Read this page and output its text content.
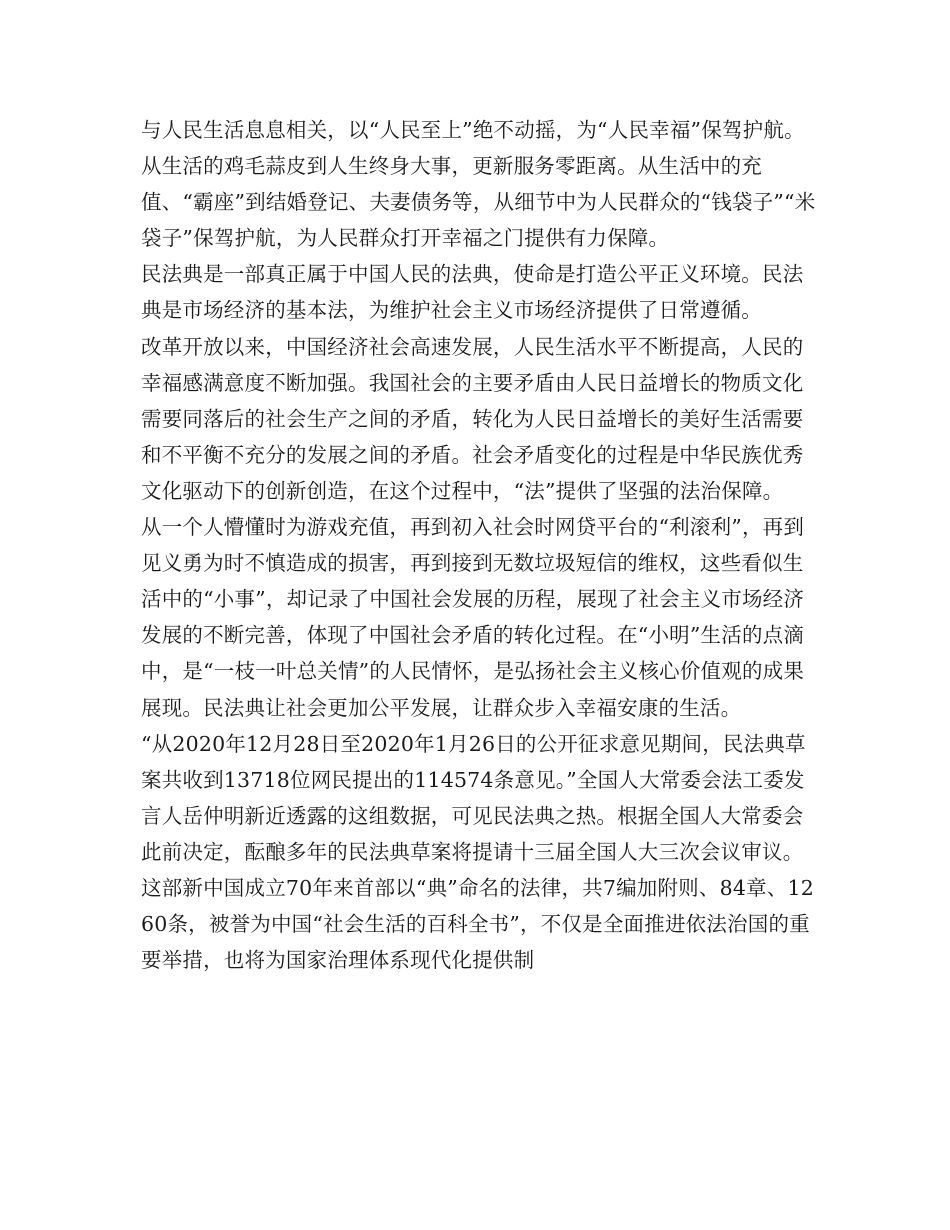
与人民生活息息相关，以“人民至上”绝不动摇，为“人民幸福”保驾护航。

从生活的鸡毛蒜皮到人生终身大事，更新服务零距离。从生活中的充值、“霸座”到结婚登记、夫妻债务等，从细节中为人民群众的“钱袋子”“米袋子”保驾护航，为人民群众打开幸福之门提供有力保障。

民法典是一部真正属于中国人民的法典，使命是打造公平正义环境。民法典是市场经济的基本法，为维护社会主义市场经济提供了日常遵循。

改革开放以来，中国经济社会高速发展，人民生活水平不断提高，人民的幸福感满意度不断加强。我国社会的主要矛盾由人民日益增长的物质文化需要同落后的社会生产之间的矛盾，转化为人民日益增长的美好生活需要和不平衡不充分的发展之间的矛盾。社会矛盾变化的过程是中华民族优秀文化驱动下的创新创造，在这个过程中，“法”提供了坚强的法治保障。

从一个人懵懂时为游戏充值，再到初入社会时网贷平台的“利滚利”，再到见义勇为时不慎造成的损害，再到接到无数垃圾短信的维权，这些看似生活中的“小事”，却记录了中国社会发展的历程，展现了社会主义市场经济发展的不断完善，体现了中国社会矛盾的转化过程。在“小明”生活的点滴中，是“一枝一叶总关情”的人民情怀，是弘扬社会主义核心价值观的成果展现。民法典让社会更加公平发展，让群众步入幸福安康的生活。

“从2020年12月28日至2020年1月26日的公开征求意见期间，民法典草案共收到13718位网民提出的114574条意见。”全国人大常委会法工委发言人岳仲明新近透露的这组数据，可见民法典之热。根据全国人大常委会此前决定，酝酿多年的民法典草案将提请十三届全国人大三次会议审议。这部新中国成立70年来首部以“典”命名的法律，共7编加附则、84章、1260条，被誉为中国“社会生活的百科全书”，不仅是全面推进依法治国的重要举措，也将为国家治理体系现代化提供制
